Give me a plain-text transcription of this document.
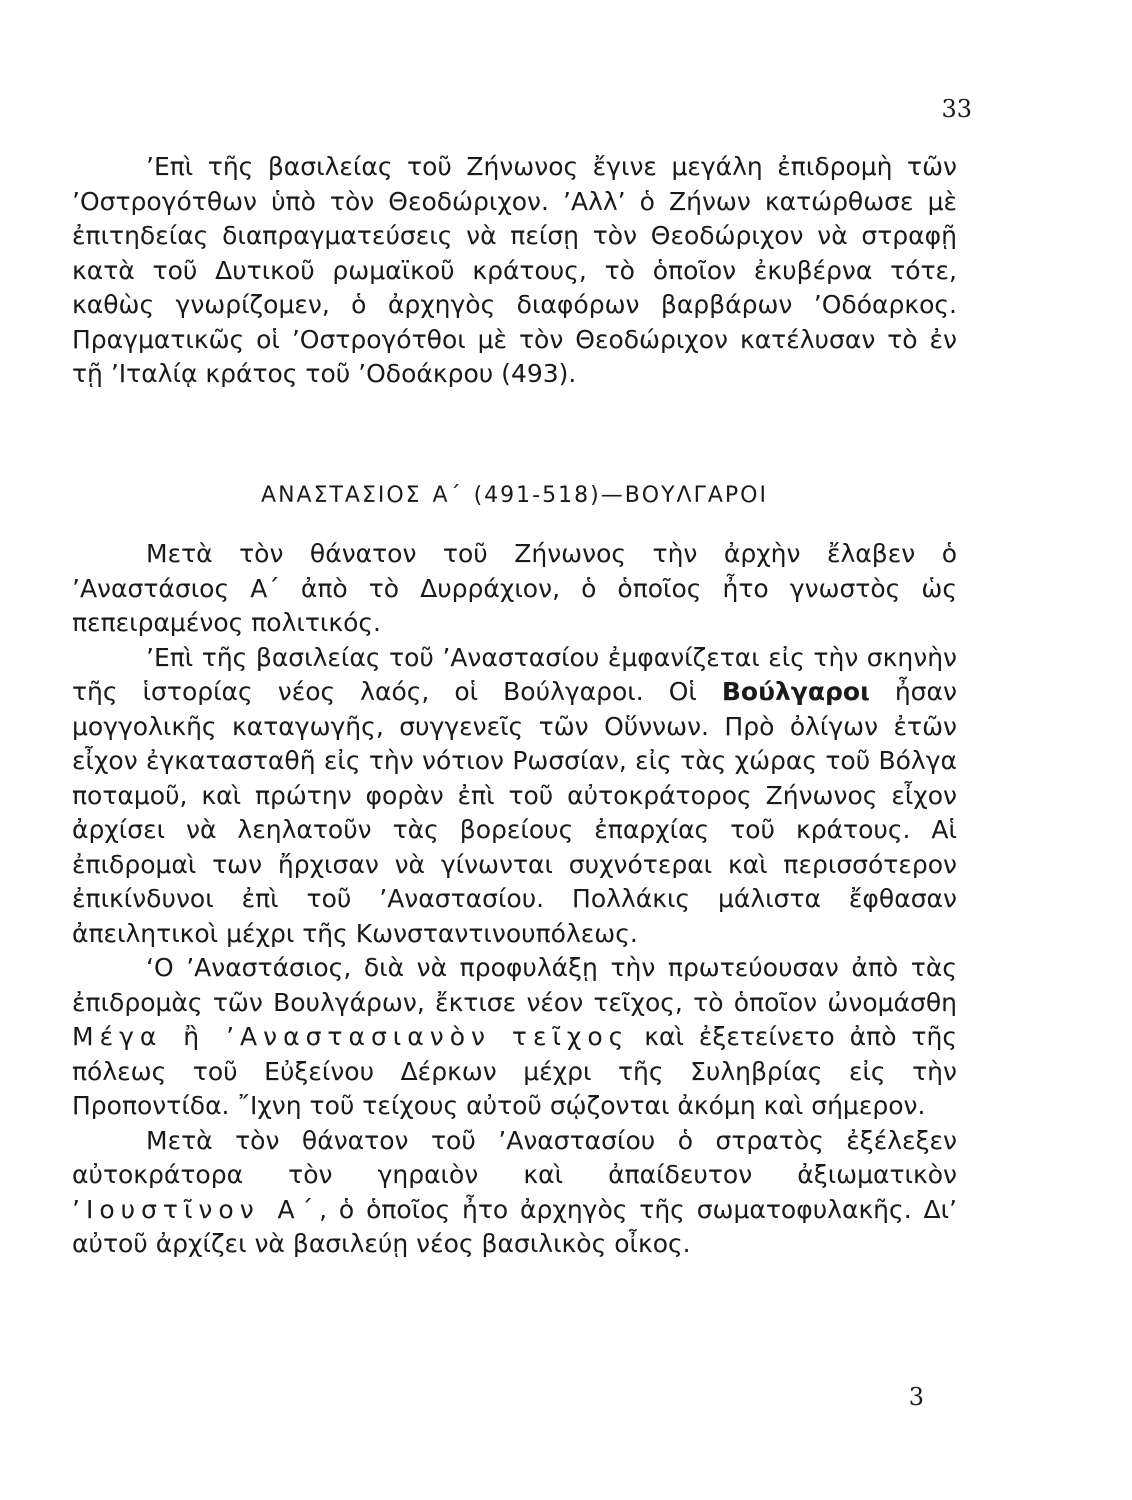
33

’Επὶ τῆς βασιλείας τοῦ Ζήνωνος ἔγινε μεγάλη ἐπιδρομὴ τῶν ’Οστρογότθων ὑπὸ τὸν Θεοδώριχον. ’Αλλ’ ὁ Ζήνων κατώρθωσε μὲ ἐπιτηδείας διαπραγματεύσεις νὰ πείσῃ τὸν Θεοδώριχον νὰ στραφῇ κατὰ τοῦ Δυτικοῦ ρωμαϊκοῦ κράτους, τὸ ὁποῖον ἐκυβέρνα τότε, καθὼς γνωρίζομεν, ὁ ἀρχηγὸς διαφόρων βαρβάρων ’Οδόαρκος. Πραγματικῶς οἱ ’Οστρογότθοι μὲ τὸν Θεοδώριχον κατέλυσαν τὸ ἐν τῇ ’Ιταλίᾳ κράτος τοῦ ’Οδοάκρου (493).

ΑΝΑΣΤΑΣΙΟΣ Α΄ (491-518)—ΒΟΥΛΓΑΡΟΙ

Μετὰ τὸν θάνατον τοῦ Ζήνωνος τὴν ἀρχὴν ἔλαβεν ὁ ’Αναστάσιος Α΄ ἀπὸ τὸ Δυρράχιον, ὁ ὁποῖος ἦτο γνωστὸς ὡς πεπειραμένος πολιτικός.

’Επὶ τῆς βασιλείας τοῦ ’Αναστασίου ἐμφανίζεται εἰς τὴν σκηνὴν τῆς ἱστορίας νέος λαός, οἱ Βούλγαροι. Οἱ Βούλγαροι ἦσαν μογγολικῆς καταγωγῆς, συγγενεῖς τῶν Οὕννων. Πρὸ ὀλίγων ἐτῶν εἶχον ἐγκατασταθῆ εἰς τὴν νότιον Ρωσσίαν, εἰς τὰς χώρας τοῦ Βόλγα ποταμοῦ, καὶ πρώτην φορὰν ἐπὶ τοῦ αὐτοκράτορος Ζήνωνος εἶχον ἀρχίσει νὰ λεηλατοῦν τὰς βορείους ἐπαρχίας τοῦ κράτους. Αἱ ἐπιδρομαὶ των ἤρχισαν νὰ γίνωνται συχνότεραι καὶ περισσότερον ἐπικίνδυνοι ἐπὶ τοῦ ’Αναστασίου. Πολλάκις μάλιστα ἔφθασαν ἀπειλητικοὶ μέχρι τῆς Κωνσταντινουπόλεως.

‘Ο ’Αναστάσιος, διὰ νὰ προφυλάξῃ τὴν πρωτεύουσαν ἀπὸ τὰς ἐπιδρομὰς τῶν Βουλγάρων, ἔκτισε νέον τεῖχος, τὸ ὁποῖον ὠνομάσθη Μέγα ἢ ’Αναστασιανὸν τεῖχος καὶ ἐξετείνετο ἀπὸ τῆς πόλεως τοῦ Εὐξείνου Δέρκων μέχρι τῆς Συληβρίας εἰς τὴν Προποντίδα. ῎Ιχνη τοῦ τείχους αὐτοῦ σῴζονται ἀκόμη καὶ σήμερον.

Μετὰ τὸν θάνατον τοῦ ’Αναστασίου ὁ στρατὸς ἐξέλεξεν αὐτοκράτορα τὸν γηραιὸν καὶ ἀπαίδευτον ἀξιωματικὸν ’Ιουστῖνον Α΄, ὁ ὁποῖος ἦτο ἀρχηγὸς τῆς σωματοφυλακῆς. Δι’ αὐτοῦ ἀρχίζει νὰ βασιλεύῃ νέος βασιλικὸς οἶκος.

3
